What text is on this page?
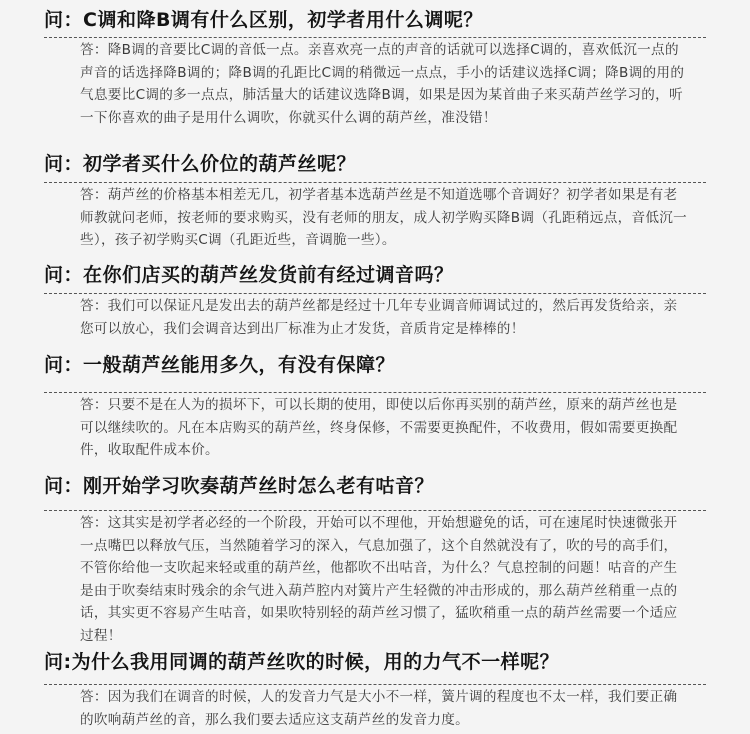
问：C调和降B调有什么区别，初学者用什么调呢？
答：降B调的音要比C调的音低一点。亲喜欢亮一点的声音的话就可以选择C调的，喜欢低沉一点的声音的话选择降B调的；降B调的孔距比C调的稍微远一点点，手小的话建议选择C调；降B调的用的气息要比C调的多一点点，肺活量大的话建议选降B调，如果是因为某首曲子来买葫芦丝学习的，听一下你喜欢的曲子是用什么调吹，你就买什么调的葫芦丝，准没错！
问：初学者买什么价位的葫芦丝呢？
答：葫芦丝的价格基本相差无几，初学者基本选葫芦丝是不知道选哪个音调好？初学者如果是有老师教就问老师，按老师的要求购买，没有老师的朋友，成人初学购买降B调（孔距稍远点，音低沉一些），孩子初学购买C调（孔距近些，音调脆一些）。
问：在你们店买的葫芦丝发货前有经过调音吗？
答：我们可以保证凡是发出去的葫芦丝都是经过十几年专业调音师调试过的，然后再发货给亲，亲您可以放心，我们会调音达到出厂标准为止才发货，音质肯定是棒棒的！
问：一般葫芦丝能用多久，有没有保障？
答：只要不是在人为的损坏下，可以长期的使用，即使以后你再买别的葫芦丝，原来的葫芦丝也是可以继续吹的。凡在本店购买的葫芦丝，终身保修，不需要更换配件，不收费用，假如需要更换配件，收取配件成本价。
问：刚开始学习吹奏葫芦丝时怎么老有咕音？
答：这其实是初学者必经的一个阶段，开始可以不理他，开始想避免的话，可在速尾时快速微张开一点嘴巴以释放气压，当然随着学习的深入，气息加强了，这个自然就没有了，吹的号的高手们，不管你给他一支吹起来轻或重的葫芦丝，他都吹不出咕音，为什么？气息控制的问题！咕音的产生是由于吹奏结束时残余的余气进入葫芦腔内对簧片产生轻微的冲击形成的，那么葫芦丝稍重一点的话，其实更不容易产生咕音，如果吹特别轻的葫芦丝习惯了，猛吹稍重一点的葫芦丝需要一个适应过程！
问:为什么我用同调的葫芦丝吹的时候，用的力气不一样呢？
答：因为我们在调音的时候，人的发音力气是大小不一样，簧片调的程度也不太一样，我们要正确的吹响葫芦丝的音，那么我们要去适应这支葫芦丝的发音力度。
